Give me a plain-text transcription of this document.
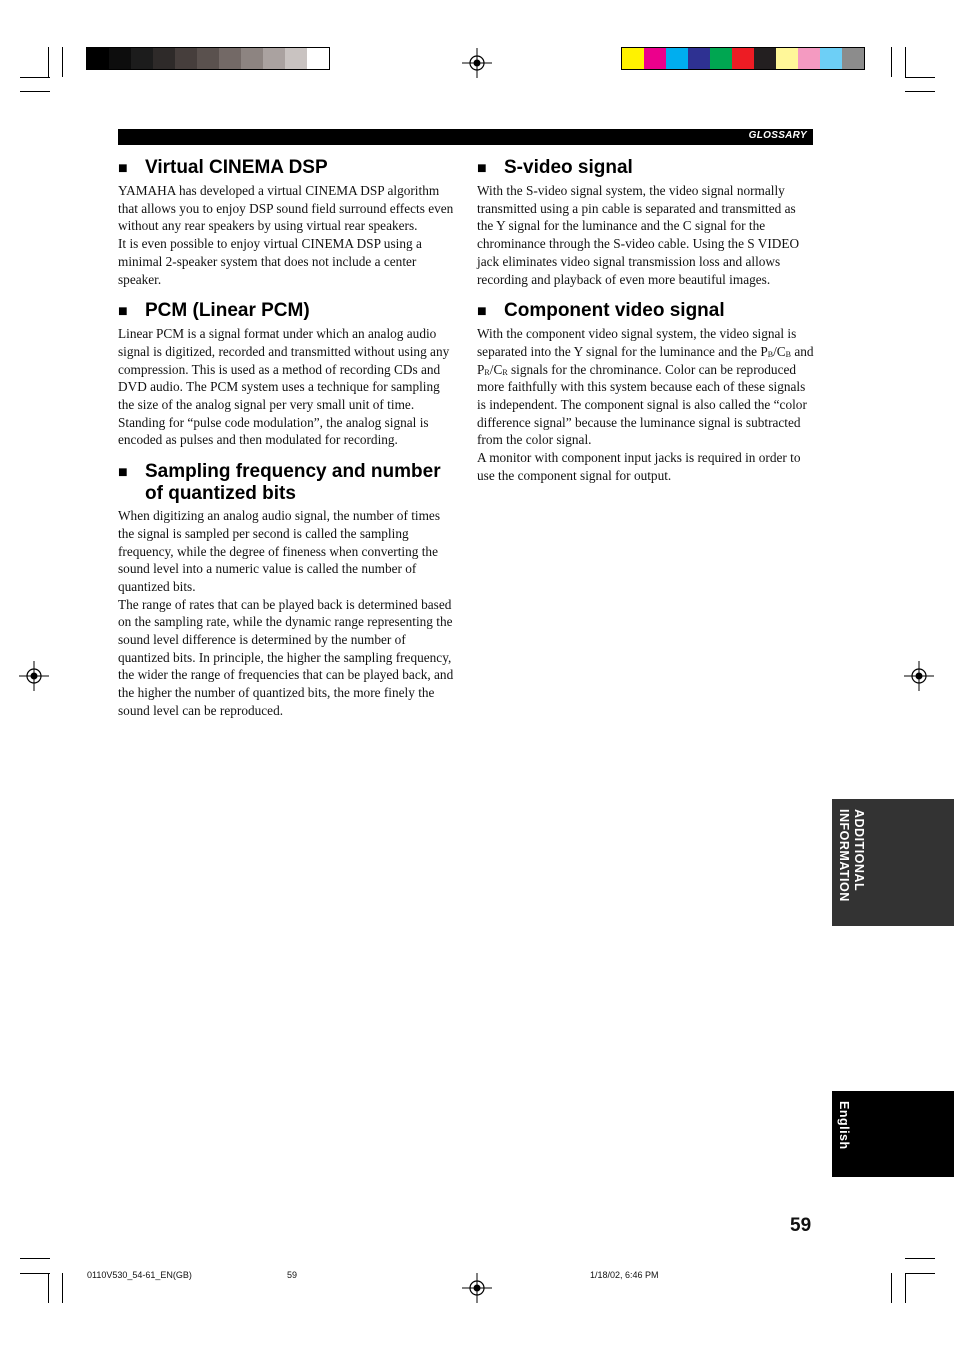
GLOSSARY
■ Virtual CINEMA DSP

YAMAHA has developed a virtual CINEMA DSP algorithm that allows you to enjoy DSP sound field surround effects even without any rear speakers by using virtual rear speakers.

It is even possible to enjoy virtual CINEMA DSP using a minimal 2-speaker system that does not include a center speaker.

■ PCM (Linear PCM)

Linear PCM is a signal format under which an analog audio signal is digitized, recorded and transmitted without using any compression. This is used as a method of recording CDs and DVD audio. The PCM system uses a technique for sampling the size of the analog signal per very small unit of time. Standing for “pulse code modulation”, the analog signal is encoded as pulses and then modulated for recording.

■ Sampling frequency and number of quantized bits

When digitizing an analog audio signal, the number of times the signal is sampled per second is called the sampling frequency, while the degree of fineness when converting the sound level into a numeric value is called the number of quantized bits.

The range of rates that can be played back is determined based on the sampling rate, while the dynamic range representing the sound level difference is determined by the number of quantized bits. In principle, the higher the sampling frequency, the wider the range of frequencies that can be played back, and the higher the number of quantized bits, the more finely the sound level can be reproduced.

■ S-video signal

With the S-video signal system, the video signal normally transmitted using a pin cable is separated and transmitted as the Y signal for the luminance and the C signal for the chrominance through the S-video cable. Using the S VIDEO jack eliminates video signal transmission loss and allows recording and playback of even more beautiful images.

■ Component video signal

With the component video signal system, the video signal is separated into the Y signal for the luminance and the $P_B/C_B$ and $P_R/C_R$ signals for the chrominance. Color can be reproduced more faithfully with this system because each of these signals is independent. The component signal is also called the “color difference signal” because the luminance signal is subtracted from the color signal.

A monitor with component input jacks is required in order to use the component signal for output.

ADDITIONAL INFORMATION
English
59
0110V530_54-61_EN(GB)	59	1/18/02, 6:46 PM
